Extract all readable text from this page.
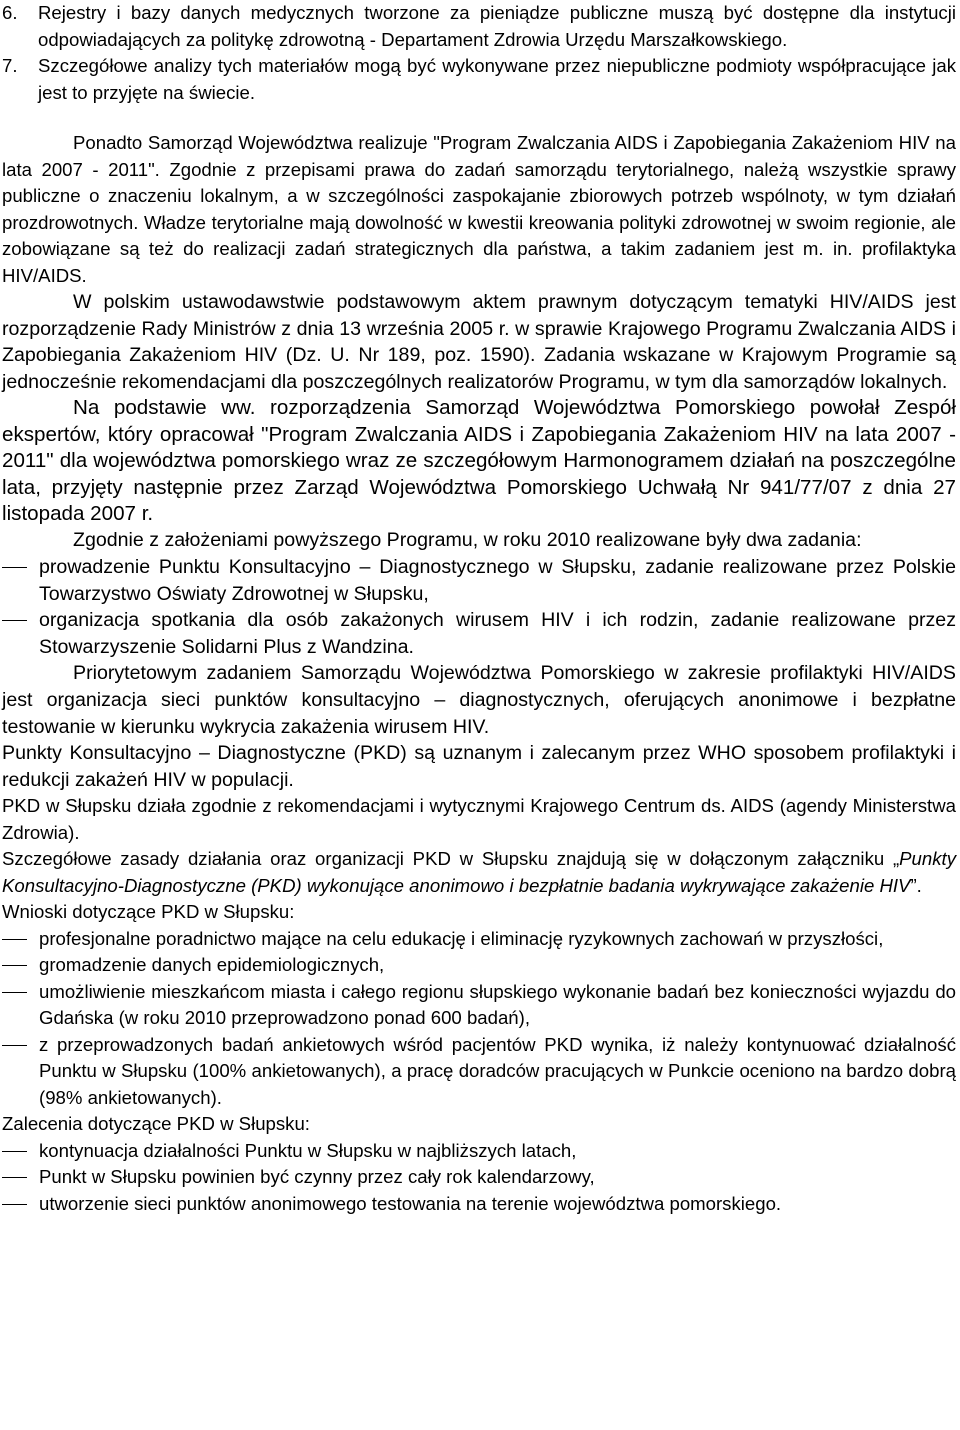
6. Rejestry i bazy danych medycznych tworzone za pieniądze publiczne muszą być dostępne dla instytucji odpowiadających za politykę zdrowotną - Departament Zdrowia Urzędu Marszałkowskiego.
7. Szczegółowe analizy tych materiałów mogą być wykonywane przez niepubliczne podmioty współpracujące jak jest to przyjęte na świecie.

Ponadto Samorząd Województwa realizuje "Program Zwalczania AIDS i Zapobiegania Zakażeniom HIV na lata 2007 - 2011". Zgodnie z przepisami prawa do zadań samorządu terytorialnego, należą wszystkie sprawy publiczne o znaczeniu lokalnym, a w szczególności zaspokajanie zbiorowych potrzeb wspólnoty, w tym działań prozdrowotnych. Władze terytorialne mają dowolność w kwestii kreowania polityki zdrowotnej w swoim regionie, ale zobowiązane są też do realizacji zadań strategicznych dla państwa, a takim zadaniem jest m. in. profilaktyka HIV/AIDS.

W polskim ustawodawstwie podstawowym aktem prawnym dotyczącym tematyki HIV/AIDS jest rozporządzenie Rady Ministrów z dnia 13 września 2005 r. w sprawie Krajowego Programu Zwalczania AIDS i Zapobiegania Zakażeniom HIV (Dz. U. Nr 189, poz. 1590). Zadania wskazane w Krajowym Programie są jednocześnie rekomendacjami dla poszczególnych realizatorów Programu, w tym dla samorządów lokalnych.

Na podstawie ww. rozporządzenia Samorząd Województwa Pomorskiego powołał Zespół ekspertów, który opracował "Program Zwalczania AIDS i Zapobiegania Zakażeniom HIV na lata 2007 - 2011" dla województwa pomorskiego wraz ze szczegółowym Harmonogramem działań na poszczególne lata, przyjęty następnie przez Zarząd Województwa Pomorskiego Uchwałą Nr 941/77/07 z dnia 27 listopada 2007 r.

Zgodnie z założeniami powyższego Programu, w roku 2010 realizowane były dwa zadania:

prowadzenie Punktu Konsultacyjno – Diagnostycznego w Słupsku, zadanie realizowane przez Polskie Towarzystwo Oświaty Zdrowotnej w Słupsku,
organizacja spotkania dla osób zakażonych wirusem HIV i ich rodzin, zadanie realizowane przez Stowarzyszenie Solidarni Plus z Wandzina.

Priorytetowym zadaniem Samorządu Województwa Pomorskiego w zakresie profilaktyki HIV/AIDS jest organizacja sieci punktów konsultacyjno – diagnostycznych, oferujących anonimowe i bezpłatne testowanie w kierunku wykrycia zakażenia wirusem HIV.

Punkty Konsultacyjno – Diagnostyczne (PKD) są uznanym i zalecanym przez WHO sposobem profilaktyki i redukcji zakażeń HIV w populacji.

PKD w Słupsku działa zgodnie z rekomendacjami i wytycznymi Krajowego Centrum ds. AIDS (agendy Ministerstwa Zdrowia).

Szczegółowe zasady działania oraz organizacji PKD w Słupsku znajdują się w dołączonym załączniku „Punkty Konsultacyjno-Diagnostyczne (PKD) wykonujące anonimowo i bezpłatnie badania wykrywające zakażenie HIV”.

Wnioski dotyczące PKD w Słupsku:

profesjonalne poradnictwo mające na celu edukację i eliminację ryzykownych zachowań w przyszłości,
gromadzenie danych epidemiologicznych,
umożliwienie mieszkańcom miasta i całego regionu słupskiego wykonanie badań bez konieczności wyjazdu do Gdańska (w roku 2010 przeprowadzono ponad 600 badań),
z przeprowadzonych badań ankietowych wśród pacjentów PKD wynika, iż należy kontynuować działalność Punktu w Słupsku (100% ankietowanych), a pracę doradców pracujących w Punkcie oceniono na bardzo dobrą (98% ankietowanych).

Zalecenia dotyczące PKD w Słupsku:

kontynuacja działalności Punktu w Słupsku w najbliższych latach,
Punkt w Słupsku powinien być czynny przez cały rok kalendarzowy,
utworzenie sieci punktów anonimowego testowania na terenie województwa pomorskiego.
